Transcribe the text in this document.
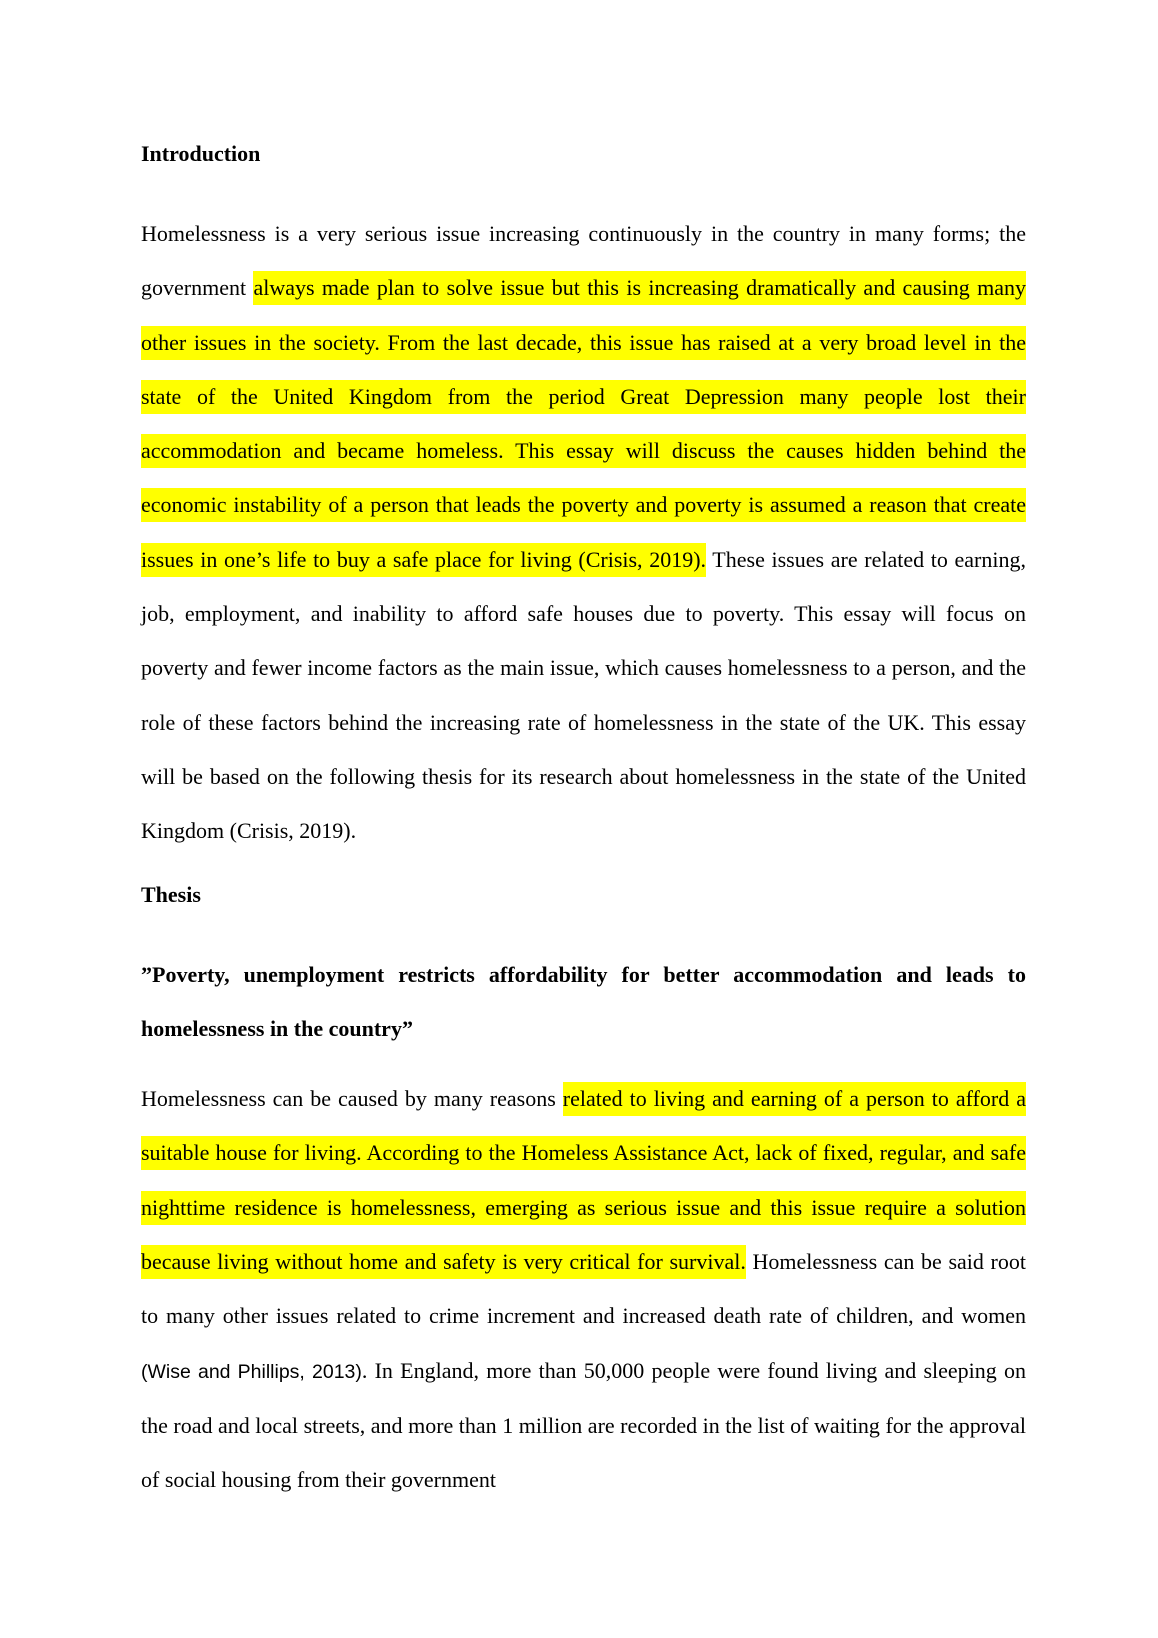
Introduction

Homelessness is a very serious issue increasing continuously in the country in many forms; the government always made plan to solve issue but this is increasing dramatically and causing many other issues in the society. From the last decade, this issue has raised at a very broad level in the state of the United Kingdom from the period Great Depression many people lost their accommodation and became homeless. This essay will discuss the causes hidden behind the economic instability of a person that leads the poverty and poverty is assumed a reason that create issues in one’s life to buy a safe place for living (Crisis, 2019). These issues are related to earning, job, employment, and inability to afford safe houses due to poverty. This essay will focus on poverty and fewer income factors as the main issue, which causes homelessness to a person, and the role of these factors behind the increasing rate of homelessness in the state of the UK. This essay will be based on the following thesis for its research about homelessness in the state of the United Kingdom (Crisis, 2019).

Thesis

”Poverty, unemployment restricts affordability for better accommodation and leads to homelessness in the country”

Homelessness can be caused by many reasons related to living and earning of a person to afford a suitable house for living. According to the Homeless Assistance Act, lack of fixed, regular, and safe nighttime residence is homelessness, emerging as serious issue and this issue require a solution because living without home and safety is very critical for survival. Homelessness can be said root to many other issues related to crime increment and increased death rate of children, and women (Wise and Phillips, 2013). In England, more than 50,000 people were found living and sleeping on the road and local streets, and more than 1 million are recorded in the list of waiting for the approval of social housing from their government
